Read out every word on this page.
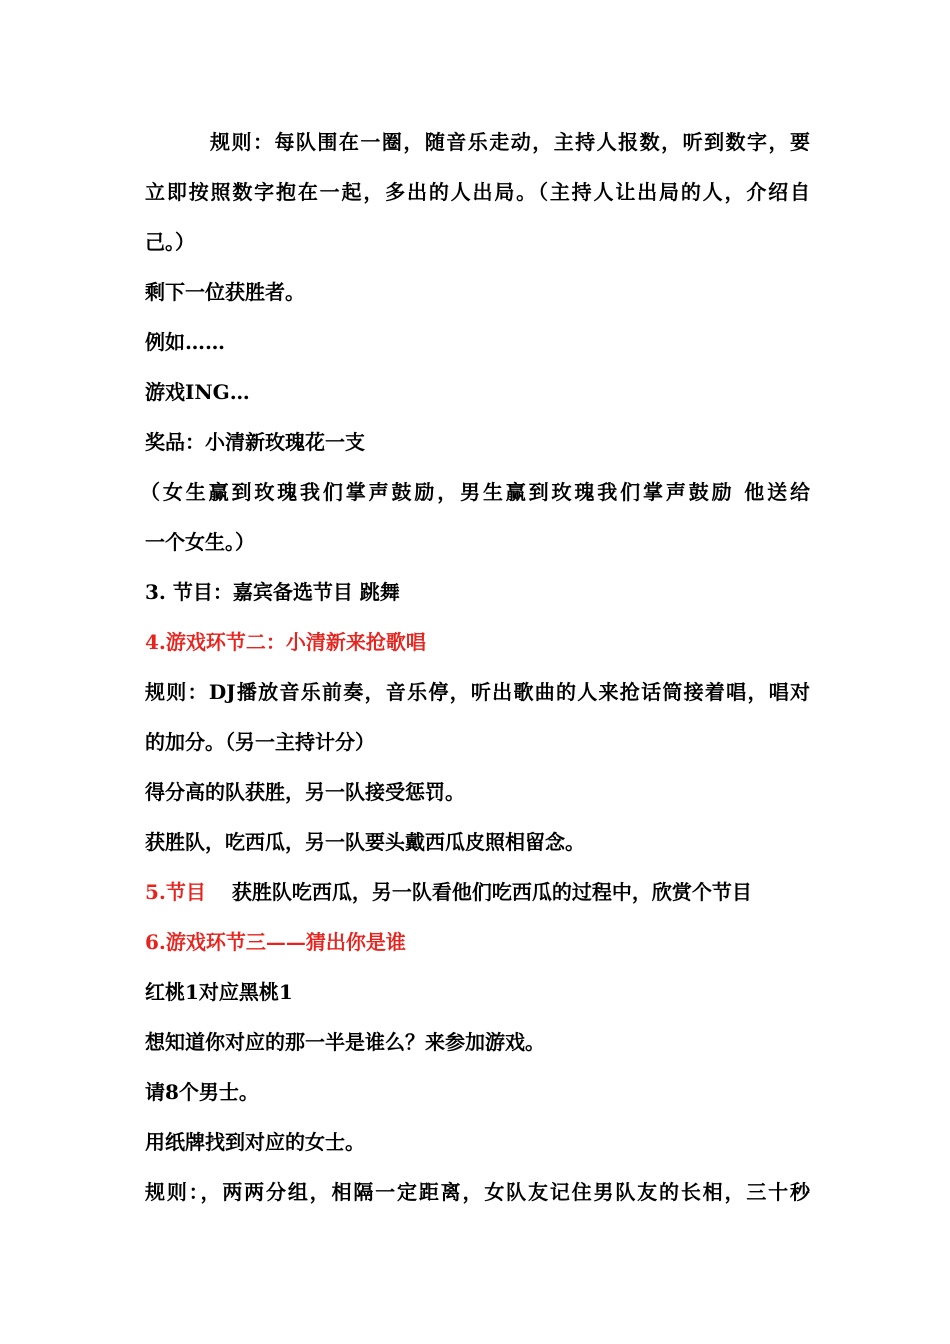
规则：每队围在一圈，随音乐走动，主持人报数，听到数字，要
立即按照数字抱在一起，多出的人出局。（主持人让出局的人，介绍自
己。）
剩下一位获胜者。
例如……
游戏ING…
奖品：小清新玫瑰花一支
（女生赢到玫瑰我们掌声鼓励，男生赢到玫瑰我们掌声鼓励 他送给
一个女生。）
3. 节目：嘉宾备选节目 跳舞
4.游戏环节二：小清新来抢歌唱
规则：DJ播放音乐前奏，音乐停，听出歌曲的人来抢话筒接着唱，唱对
的加分。（另一主持计分）
得分高的队获胜，另一队接受惩罚。
获胜队，吃西瓜，另一队要头戴西瓜皮照相留念。
5.节目 获胜队吃西瓜，另一队看他们吃西瓜的过程中，欣赏个节目
6.游戏环节三——猜出你是谁
红桃1对应黑桃1
想知道你对应的那一半是谁么？来参加游戏。
请8个男士。
用纸牌找到对应的女士。
规则：，两两分组，相隔一定距离，女队友记住男队友的长相，三十秒
